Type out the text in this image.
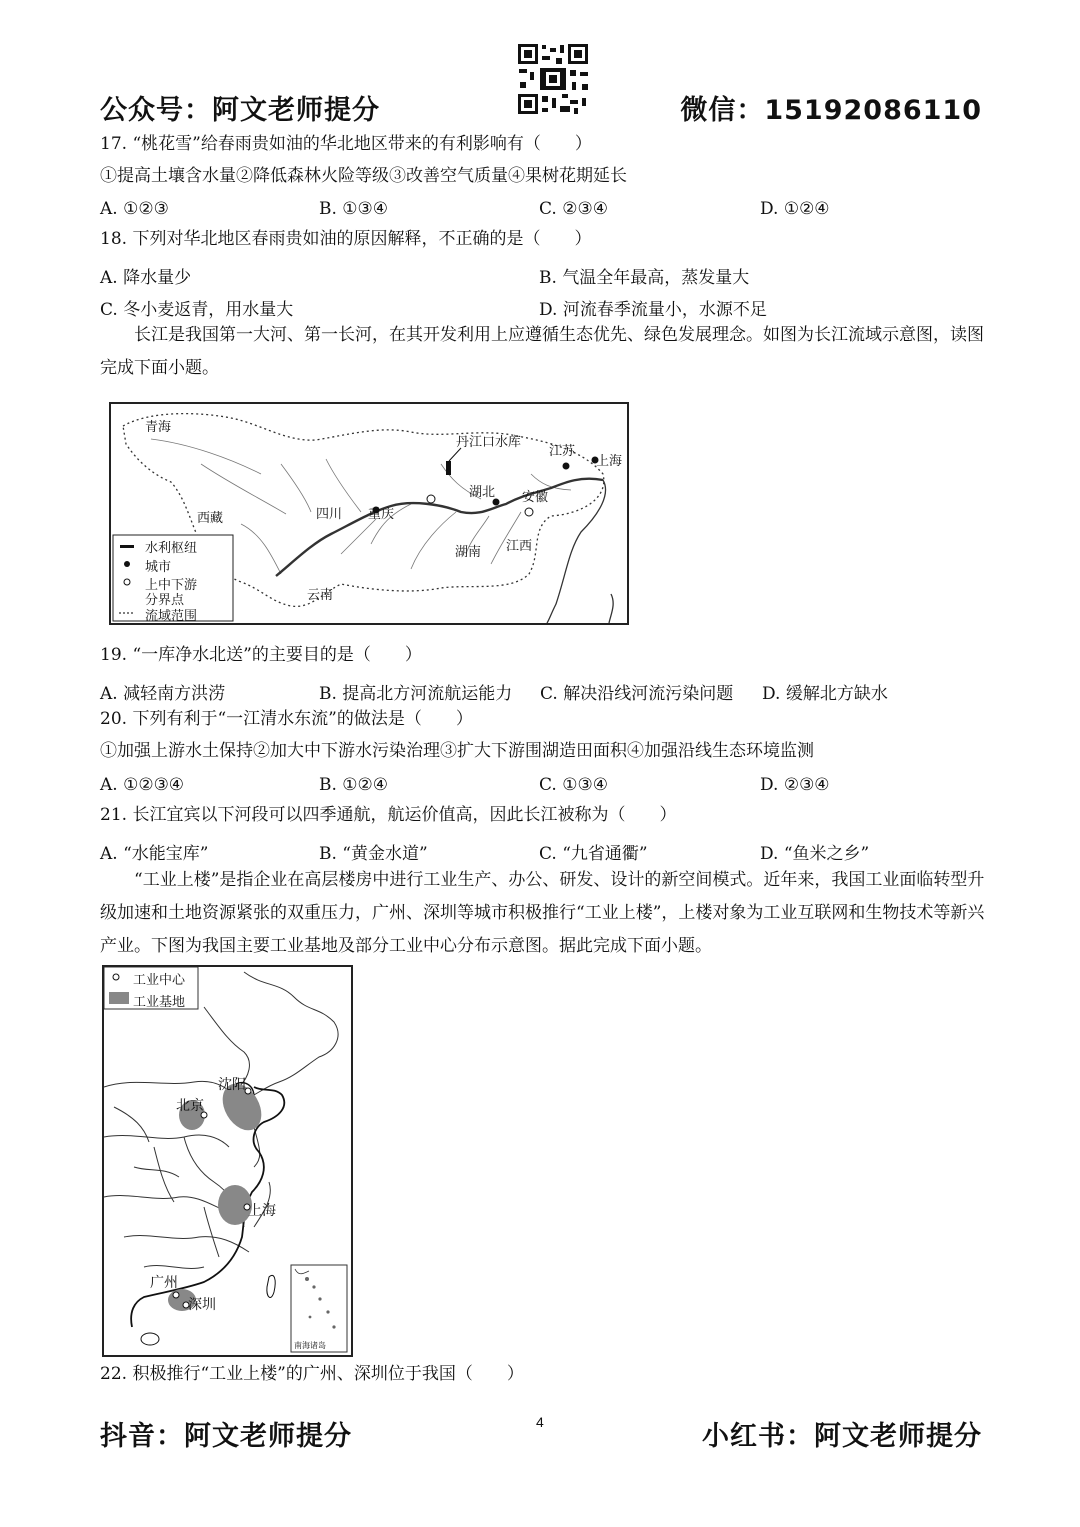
公众号：阿文老师提分	微信：15192086110
17. “桃花雪”给春雨贵如油的华北地区带来的有利影响有（　　）
①提高土壤含水量②降低森林火险等级③改善空气质量④果树花期延长
A. ①②③	B. ①③④	C. ②③④	D. ①②④
18. 下列对华北地区春雨贵如油的原因解释，不正确的是（　　）
A. 降水量少	B. 气温全年最高，蒸发量大
C. 冬小麦返青，用水量大	D. 河流春季流量小，水源不足
长江是我国第一大河、第一长河，在其开发利用上应遵循生态优先、绿色发展理念。如图为长江流域示意图，读图完成下面小题。
青海
西藏	四川 重庆
云南
湖北
湖南 江西
安徽
江苏
上海
丹江口水库
水利枢纽
城市
上中下游
分界点
流域范围
19. “一库净水北送”的主要目的是（　　）
A. 减轻南方洪涝	B. 提高北方河流航运能力 C. 解决沿线河流污染问题 D. 缓解北方缺水
20. 下列有利于“一江清水东流”的做法是（　　）
①加强上游水土保持②加大中下游水污染治理③扩大下游围湖造田面积④加强沿线生态环境监测
A. ①②③④	B. ①②④	C. ①③④	D. ②③④
21. 长江宜宾以下河段可以四季通航，航运价值高，因此长江被称为（　　）
A. “水能宝库”	B. “黄金水道”	C. “九省通衢”	D. “鱼米之乡”
“工业上楼”是指企业在高层楼房中进行工业生产、办公、研发、设计的新空间模式。近年来，我国工业面临转型升级加速和土地资源紧张的双重压力，广州、深圳等城市积极推行“工业上楼”，上楼对象为工业互联网和生物技术等新兴产业。下图为我国主要工业基地及部分工业中心分布示意图。据此完成下面小题。
工业中心
工业基地
沈阳
北京
上海
广州
深圳
南海诸岛
22. 积极推行“工业上楼”的广州、深圳位于我国（　　）
抖音：阿文老师提分	4	小红书：阿文老师提分
